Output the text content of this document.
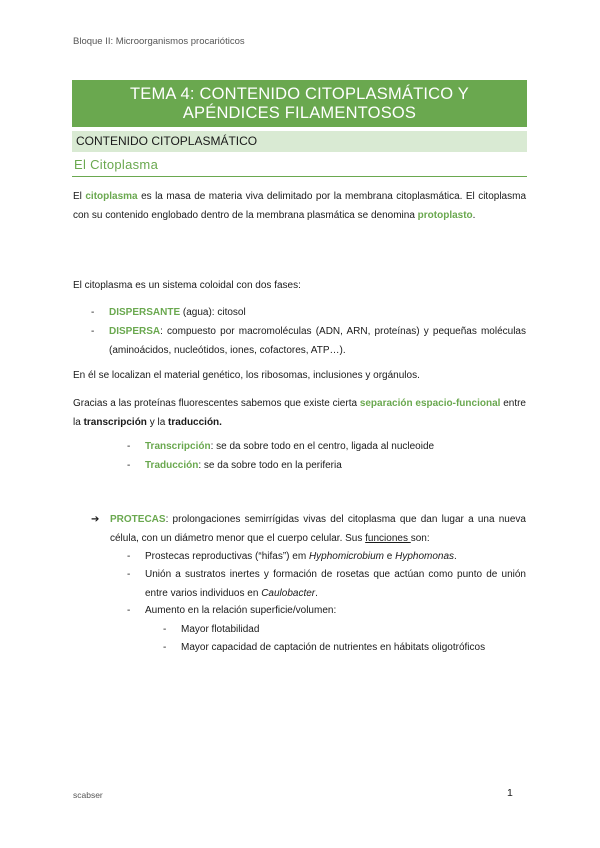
Bloque II: Microorganismos procarióticos
TEMA 4: CONTENIDO CITOPLASMÁTICO Y
APÉNDICES FILAMENTOSOS
CONTENIDO CITOPLASMÁTICO
El Citoplasma
El citoplasma es la masa de materia viva delimitado por la membrana citoplasmática. El citoplasma con su contenido englobado dentro de la membrana plasmática se denomina protoplasto.
El citoplasma es un sistema coloidal con dos fases:
- DISPERSANTE (agua): citosol
- DISPERSA: compuesto por macromoléculas (ADN, ARN, proteínas) y pequeñas moléculas (aminoácidos, nucleótidos, iones, cofactores, ATP…).
En él se localizan el material genético, los ribosomas, inclusiones y orgánulos.
Gracias a las proteínas fluorescentes sabemos que existe cierta separación espacio-funcional entre la transcripción y la traducción.
- Transcripción: se da sobre todo en el centro, ligada al nucleoide
- Traducción: se da sobre todo en la periferia
➔ PROTECAS: prolongaciones semirrígidas vivas del citoplasma que dan lugar a una nueva célula, con un diámetro menor que el cuerpo celular. Sus funciones son:
- Prostecas reproductivas (“hifas”) em Hyphomicrobium e Hyphomonas.
- Unión a sustratos inertes y formación de rosetas que actúan como punto de unión entre varios individuos en Caulobacter.
- Aumento en la relación superficie/volumen:
- Mayor flotabilidad
- Mayor capacidad de captación de nutrientes en hábitats oligotróficos
scabser	1
